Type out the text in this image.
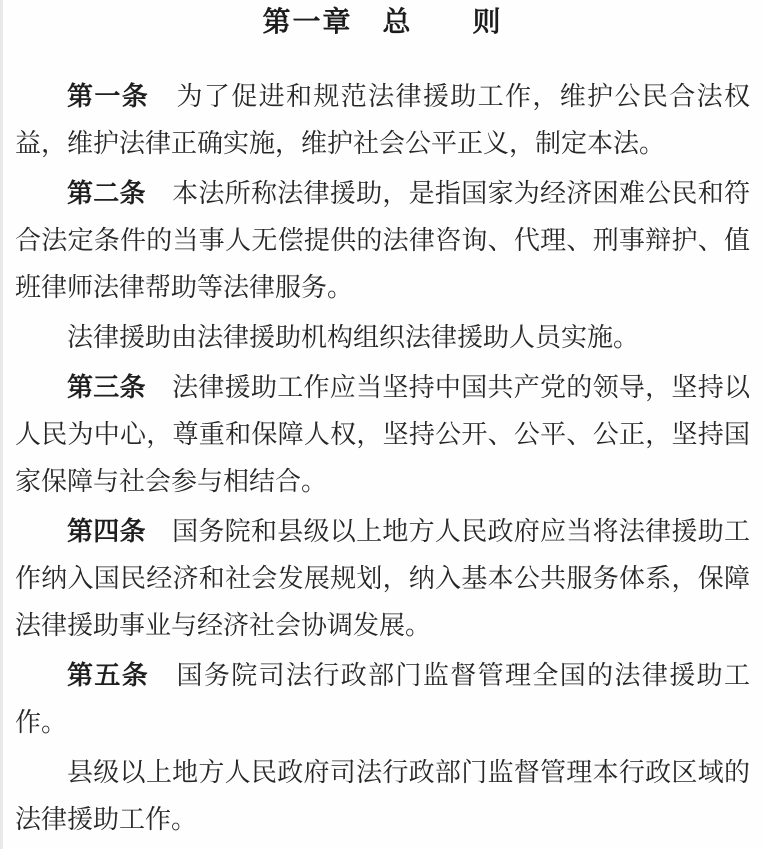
第一章　总　　则
第一条　为了促进和规范法律援助工作，维护公民合法权
益，维护法律正确实施，维护社会公平正义，制定本法。
第二条　本法所称法律援助，是指国家为经济困难公民和符
合法定条件的当事人无偿提供的法律咨询、代理、刑事辩护、值
班律师法律帮助等法律服务。
法律援助由法律援助机构组织法律援助人员实施。
第三条　法律援助工作应当坚持中国共产党的领导，坚持以
人民为中心，尊重和保障人权，坚持公开、公平、公正，坚持国
家保障与社会参与相结合。
第四条　国务院和县级以上地方人民政府应当将法律援助工
作纳入国民经济和社会发展规划，纳入基本公共服务体系，保障
法律援助事业与经济社会协调发展。
第五条　国务院司法行政部门监督管理全国的法律援助工
作。
县级以上地方人民政府司法行政部门监督管理本行政区域的
法律援助工作。
